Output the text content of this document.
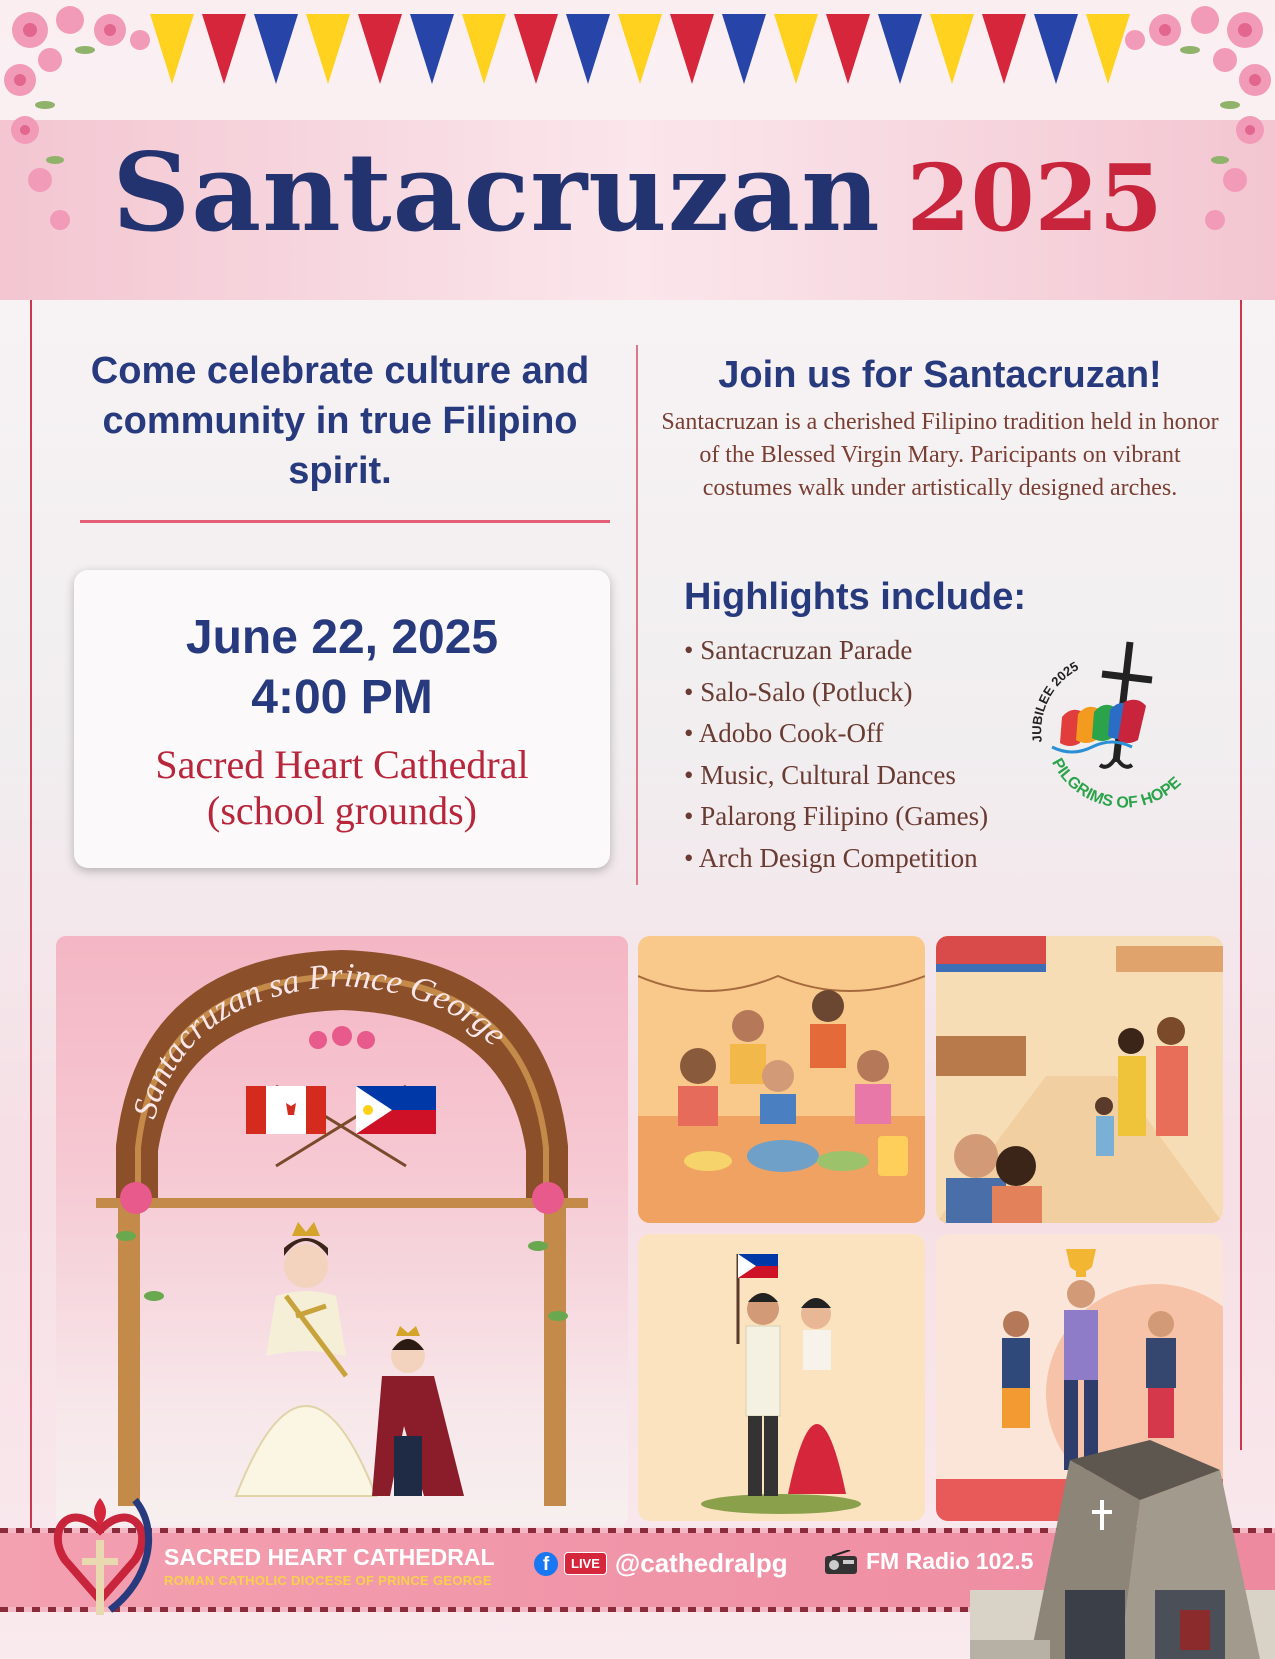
Santacruzan 2025
Come celebrate culture and community in true Filipino spirit.
June 22, 2025
4:00 PM
Sacred Heart Cathedral
(school grounds)
Join us for Santacruzan!
Santacruzan is a cherished Filipino tradition held in honor of the Blessed Virgin Mary. Paricipants on vibrant costumes walk under artistically designed arches.
Highlights include:
• Santacruzan Parade
• Salo-Salo (Potluck)
• Adobo Cook-Off
• Music, Cultural Dances
• Palarong Filipino (Games)
• Arch Design Competition
JUBILEE 2025
PILGRIMS OF HOPE
Santacruzan sa Prince George
SACRED HEART CATHEDRAL
ROMAN CATHOLIC DIOCESE OF PRINCE GEORGE
f	LIVE @cathedralpg	FM Radio 102.5
